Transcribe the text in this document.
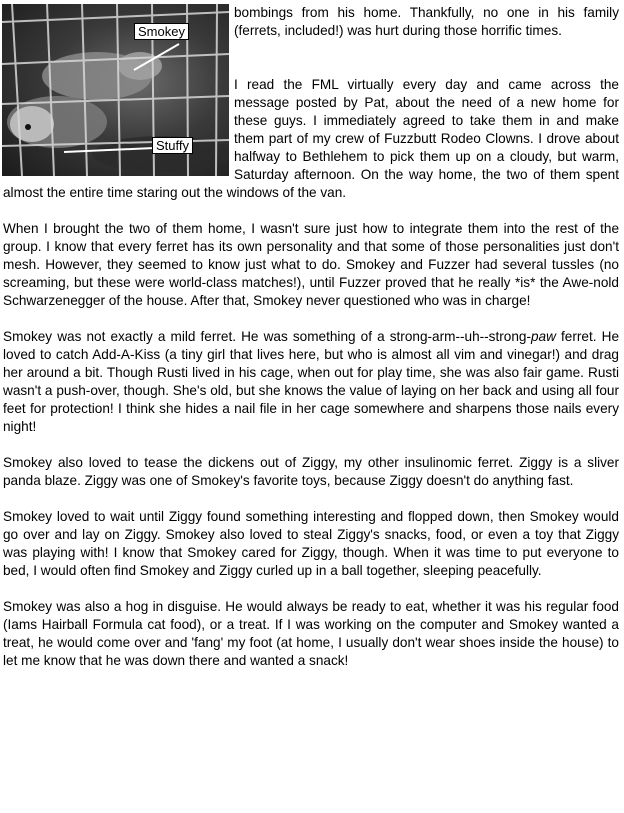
Smokey
Stuffy

bombings from his home. Thankfully, no one in his family (ferrets, included!) was hurt during those horrific times.

I read the FML virtually every day and came across the message posted by Pat, about the need of a new home for these guys. I immediately agreed to take them in and make them part of my crew of Fuzzbutt Rodeo Clowns. I drove about halfway to Bethlehem to pick them up on a cloudy, but warm, Saturday afternoon. On the way home, the two of them spent almost the entire time staring out the windows of the van.

When I brought the two of them home, I wasn't sure just how to integrate them into the rest of the group. I know that every ferret has its own personality and that some of those personalities just don't mesh. However, they seemed to know just what to do. Smokey and Fuzzer had several tussles (no screaming, but these were world-class matches!), until Fuzzer proved that he really *is* the Awe-nold Schwarzenegger of the house. After that, Smokey never questioned who was in charge!

Smokey was not exactly a mild ferret. He was something of a strong-arm--uh--strong-paw ferret. He loved to catch Add-A-Kiss (a tiny girl that lives here, but who is almost all vim and vinegar!) and drag her around a bit. Though Rusti lived in his cage, when out for play time, she was also fair game. Rusti wasn't a push-over, though. She's old, but she knows the value of laying on her back and using all four feet for protection! I think she hides a nail file in her cage somewhere and sharpens those nails every night!

Smokey also loved to tease the dickens out of Ziggy, my other insulinomic ferret. Ziggy is a sliver panda blaze. Ziggy was one of Smokey's favorite toys, because Ziggy doesn't do anything fast.

Smokey loved to wait until Ziggy found something interesting and flopped down, then Smokey would go over and lay on Ziggy. Smokey also loved to steal Ziggy's snacks, food, or even a toy that Ziggy was playing with! I know that Smokey cared for Ziggy, though. When it was time to put everyone to bed, I would often find Smokey and Ziggy curled up in a ball together, sleeping peacefully.

Smokey was also a hog in disguise. He would always be ready to eat, whether it was his regular food (Iams Hairball Formula cat food), or a treat. If I was working on the computer and Smokey wanted a treat, he would come over and 'fang' my foot (at home, I usually don't wear shoes inside the house) to let me know that he was down there and wanted a snack!
